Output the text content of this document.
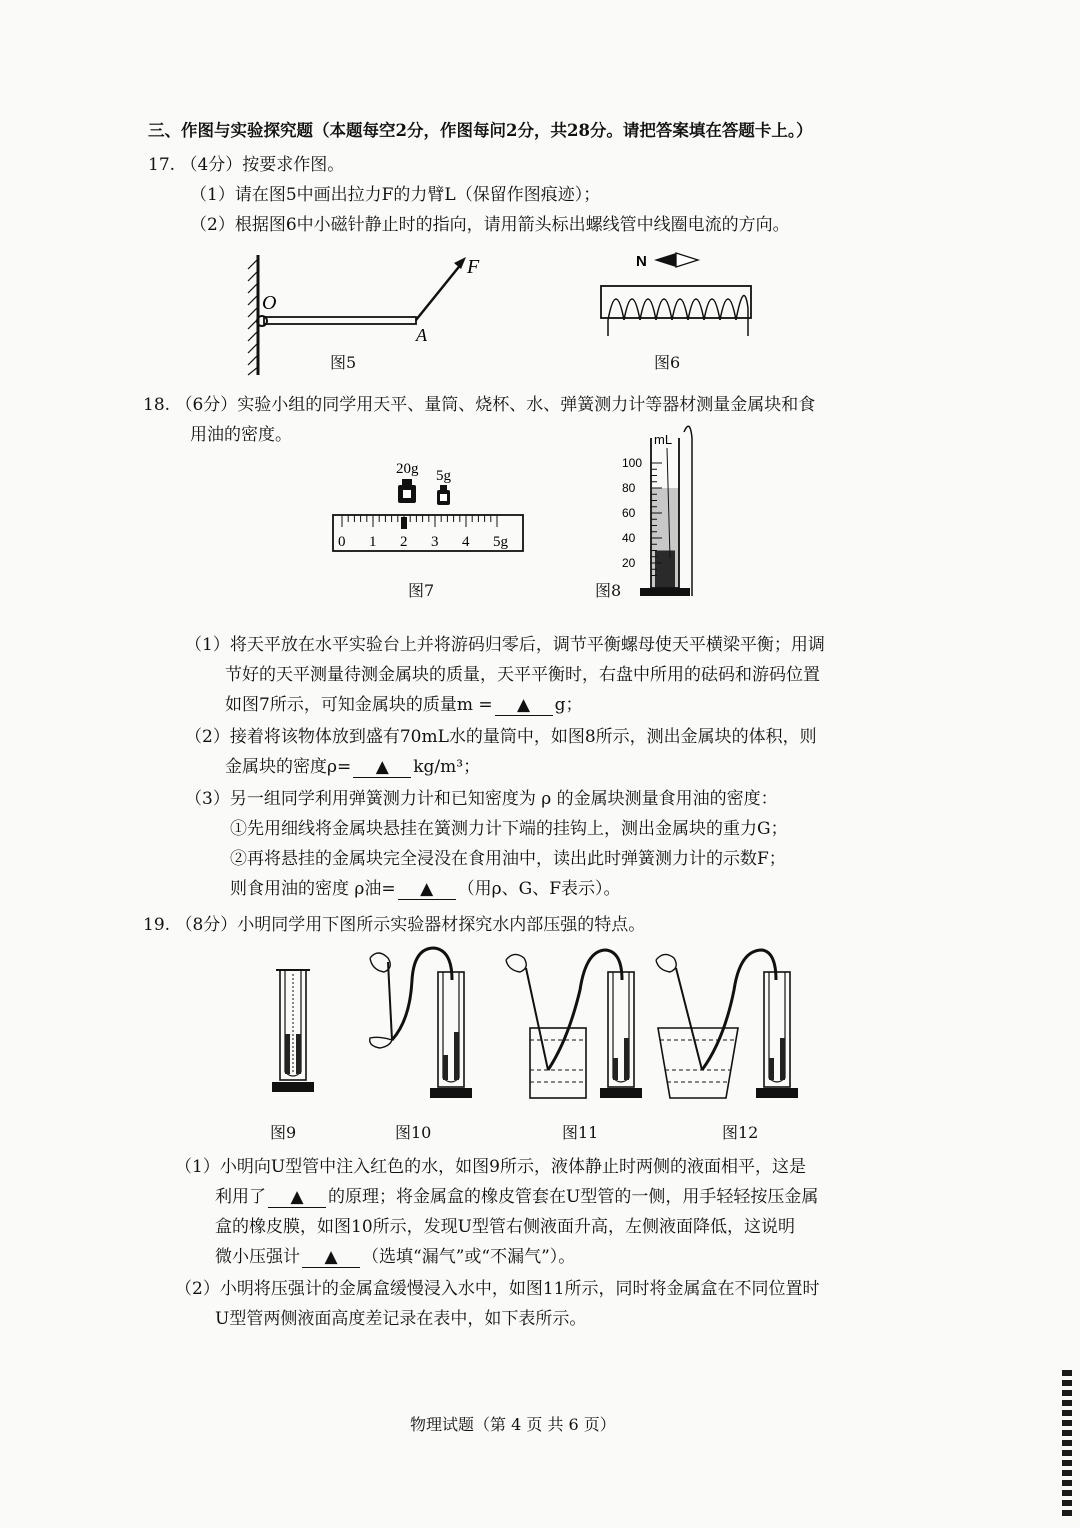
三、作图与实验探究题（本题每空2分，作图每问2分，共28分。请把答案填在答题卡上。）
17. （4分）按要求作图。
（1）请在图5中画出拉力F的力臂L（保留作图痕迹）；
（2）根据图6中小磁针静止时的指向，请用箭头标出螺线管中线圈电流的方向。
O
A
F
图5
N
图6
18. （6分）实验小组的同学用天平、量筒、烧杯、水、弹簧测力计等器材测量金属块和食
用油的密度。
20g 5g
0 1 2 3 4 5g
图7
mL
100
80
60
40
20
图8
（1）将天平放在水平实验台上并将游码归零后，调节平衡螺母使天平横梁平衡；用调
节好的天平测量待测金属块的质量，天平平衡时，右盘中所用的砝码和游码位置
如图7所示，可知金属块的质量m = ▲ g；
（2）接着将该物体放到盛有70mL水的量筒中，如图8所示，测出金属块的体积，则
金属块的密度ρ= ▲ kg/m³；
（3）另一组同学利用弹簧测力计和已知密度为 ρ 的金属块测量食用油的密度：
①先用细线将金属块悬挂在簧测力计下端的挂钩上，测出金属块的重力G；
②再将悬挂的金属块完全浸没在食用油中，读出此时弹簧测力计的示数F；
则食用油的密度 ρ油= ▲ （用ρ、G、F表示）。
19. （8分）小明同学用下图所示实验器材探究水内部压强的特点。
图9	图10	图11	图12
（1）小明向U型管中注入红色的水，如图9所示，液体静止时两侧的液面相平，这是
利用了 ▲ 的原理；将金属盒的橡皮管套在U型管的一侧，用手轻轻按压金属
盒的橡皮膜，如图10所示，发现U型管右侧液面升高，左侧液面降低，这说明
微小压强计 ▲ （选填“漏气”或“不漏气”）。
（2）小明将压强计的金属盒缓慢浸入水中，如图11所示，同时将金属盒在不同位置时
U型管两侧液面高度差记录在表中，如下表所示。
物理试题（第 4 页 共 6 页）
